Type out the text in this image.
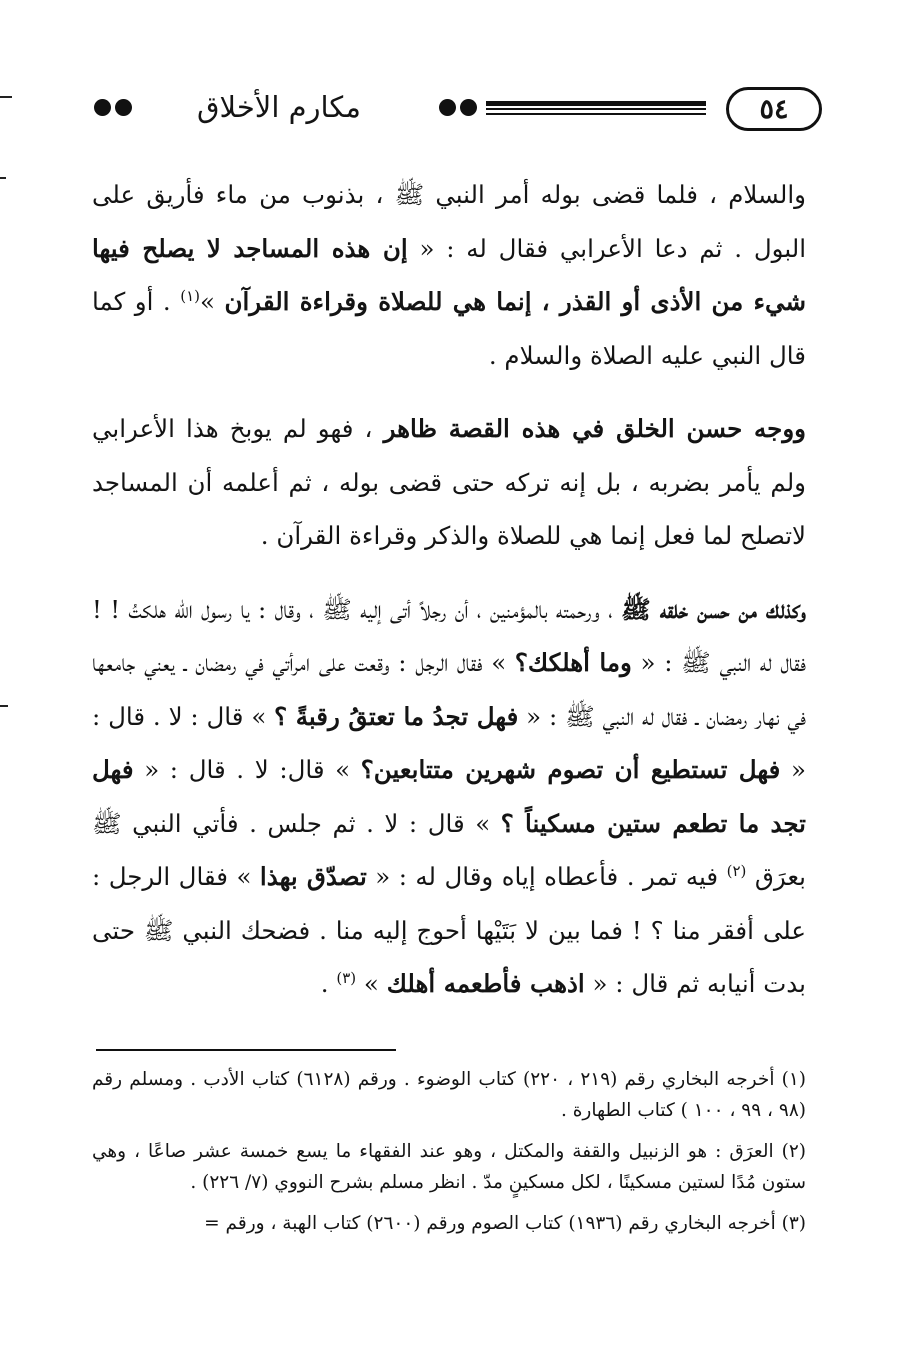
٥٤
مكارم الأخلاق

والسلام ، فلما قضى بوله أمر النبي ﷺ ، بذنوب من ماء فأريق على البول . ثم دعا الأعرابي فقال له : « إن هذه المساجد لا يصلح فيها شيء من الأذى أو القذر ، إنما هي للصلاة وقراءة القرآن »$^{(١)}$ . أو كما قال النبي عليه الصلاة والسلام .

ووجه حسن الخلق في هذه القصة ظاهر ، فهو لم يوبخ هذا الأعرابي ولم يأمر بضربه ، بل إنه تركه حتى قضى بوله ، ثم أعلمه أن المساجد لاتصلح لما فعل إنما هي للصلاة والذكر وقراءة القرآن .

وكذلك من حسن خلقه ﷺ ، ورحمته بالمؤمنين ، أن رجلاً أتى إليه ﷺ ، وقال : يا رسول الله هلكتُ ! ! فقال له النبي ﷺ : « وما أهلكك؟ » فقال الرجل : وقعت على امرأتي في رمضان ـ يعني جامعها في نهار رمضان ـ فقال له النبي ﷺ : « فهل تجدُ ما تعتقُ رقبةً ؟ » قال : لا . قال : « فهل تستطيع أن تصوم شهرين متتابعين؟ » قال: لا . قال : « فهل تجد ما تطعم ستين مسكيناً ؟ » قال : لا . ثم جلس . فأتي النبي ﷺ بعرَق $^{(٢)}$ فيه تمر . فأعطاه إياه وقال له : « تصدّق بهذا » فقال الرجل : على أفقر منا ؟ ! فما بين لا بَتَيْها أحوج إليه منا . فضحك النبي ﷺ حتى بدت أنيابه ثم قال : « اذهب فأطعمه أهلك » $^{(٣)}$ .

(١) أخرجه البخاري رقم (٢١٩ ، ٢٢٠) كتاب الوضوء . ورقم (٦١٢٨) كتاب الأدب . ومسلم رقم (٩٨ ، ٩٩ ، ١٠٠ ) كتاب الطهارة .

(٢) العرَق : هو الزنبيل والقفة والمكتل ، وهو عند الفقهاء ما يسع خمسة عشر صاعًا ، وهي ستون مُدًا لستين مسكينًا ، لكل مسكينٍ مدّ . انظر مسلم بشرح النووي (٧/ ٢٢٦) .

(٣) أخرجه البخاري رقم (١٩٣٦) كتاب الصوم ورقم (٢٦٠٠) كتاب الهبة ، ورقم =
